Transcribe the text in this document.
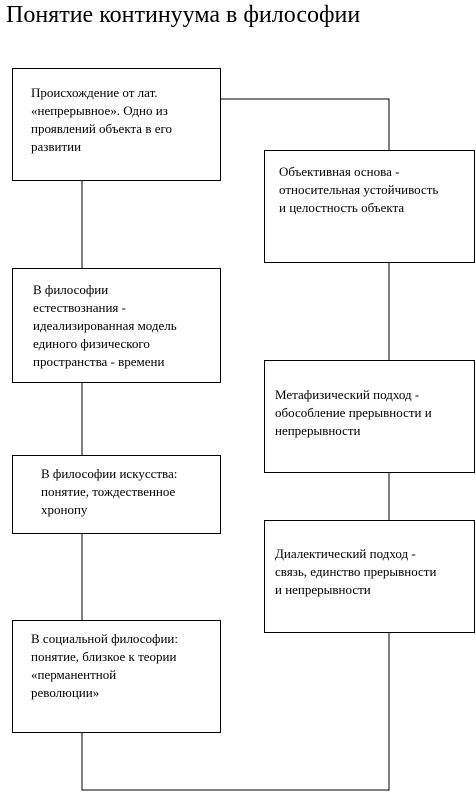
Понятие континуума в философии
Происхождение от лат.
«непрерывное». Одно из
проявлений объекта в его
развитии
Объективная основа -
относительная устойчивость
и целостность объекта
В философии
естествознания -
идеализированная модель
единого физического
пространства - времени
Метафизический подход -
обособление прерывности и
непрерывности
В философии искусства:
понятие, тождественное
хронопу
Диалектический подход -
связь, единство прерывности
и непрерывности
В социальной философии:
понятие, близкое к теории
«перманентной
революции»
